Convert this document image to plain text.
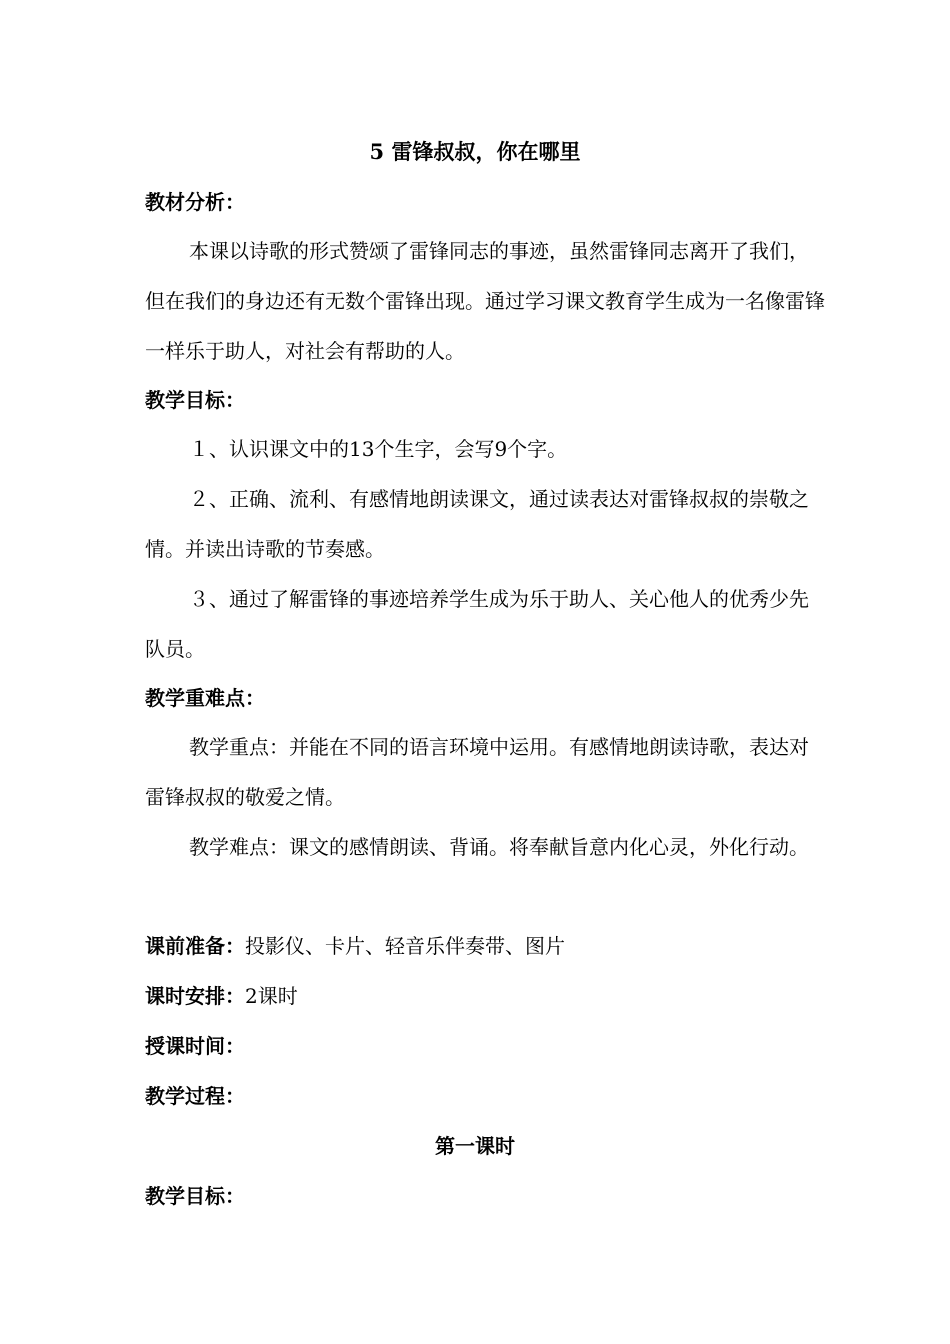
5 雷锋叔叔，你在哪里
教材分析：
本课以诗歌的形式赞颂了雷锋同志的事迹，虽然雷锋同志离开了我们，但在我们的身边还有无数个雷锋出现。通过学习课文教育学生成为一名像雷锋一样乐于助人，对社会有帮助的人。
教学目标：
１、认识课文中的13个生字，会写9个字。
２、正确、流利、有感情地朗读课文，通过读表达对雷锋叔叔的崇敬之情。并读出诗歌的节奏感。
３、通过了解雷锋的事迹培养学生成为乐于助人、关心他人的优秀少先队员。
教学重难点：
教学重点：并能在不同的语言环境中运用。有感情地朗读诗歌，表达对雷锋叔叔的敬爱之情。
教学难点：课文的感情朗读、背诵。将奉献旨意内化心灵，外化行动。
课前准备：投影仪、卡片、轻音乐伴奏带、图片
课时安排：2课时
授课时间：
教学过程：
第一课时
教学目标：
